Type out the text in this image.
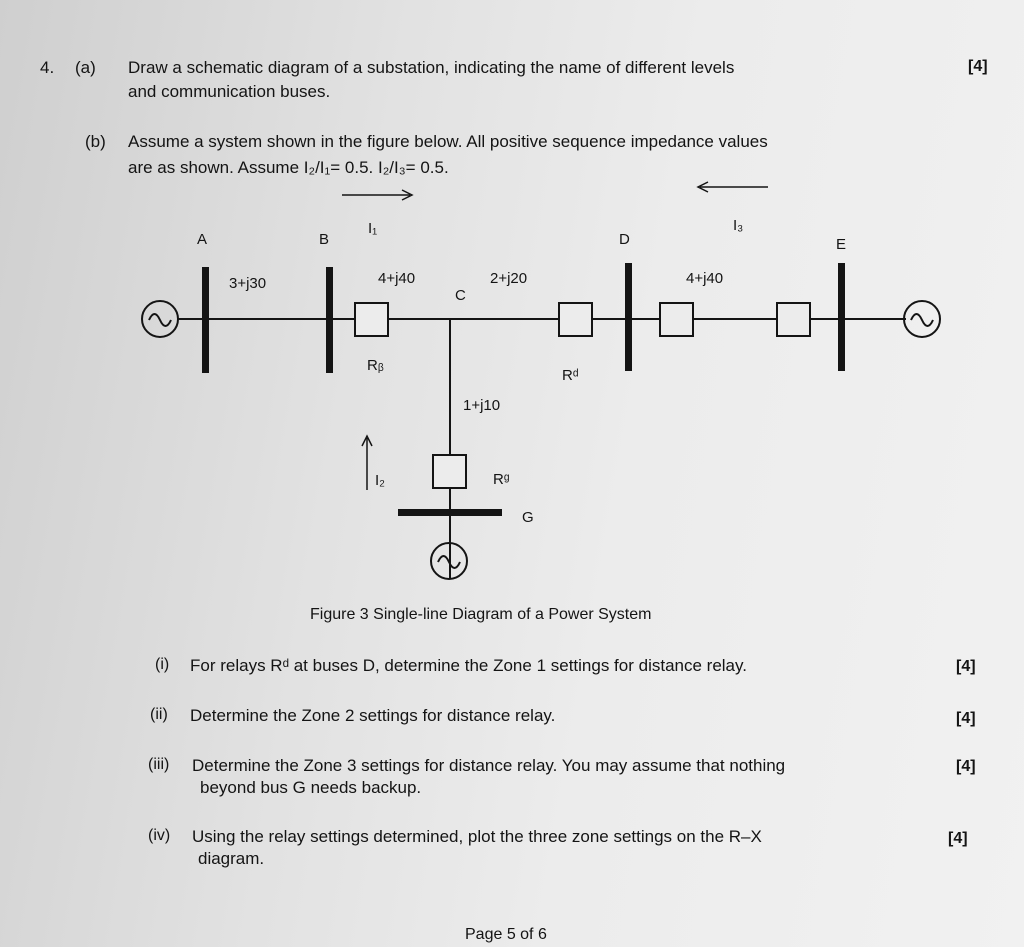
4. (a) Draw a schematic diagram of a substation, indicating the name of different levels
and communication buses.
[4]
(b) Assume a system shown in the figure below. All positive sequence impedance values
are as shown. Assume I₂/I₁= 0.5. I₂/I₃= 0.5.
A	B
C
D	E
G
3+j30	4+j40	2+j20	4+j40
1+j10
I₁	I₃
I₂
Rᵦ
Rᵈ
Rᵍ
Figure 3 Single-line Diagram of a Power System
(i) For relays Rᵈ at buses D, determine the Zone 1 settings for distance relay.	[4]
(ii) Determine the Zone 2 settings for distance relay.	[4]
(iii) Determine the Zone 3 settings for distance relay. You may assume that nothing
beyond bus G needs backup.
[4]
(iv) Using the relay settings determined, plot the three zone settings on the R–X
diagram.
[4]
Page 5 of 6
